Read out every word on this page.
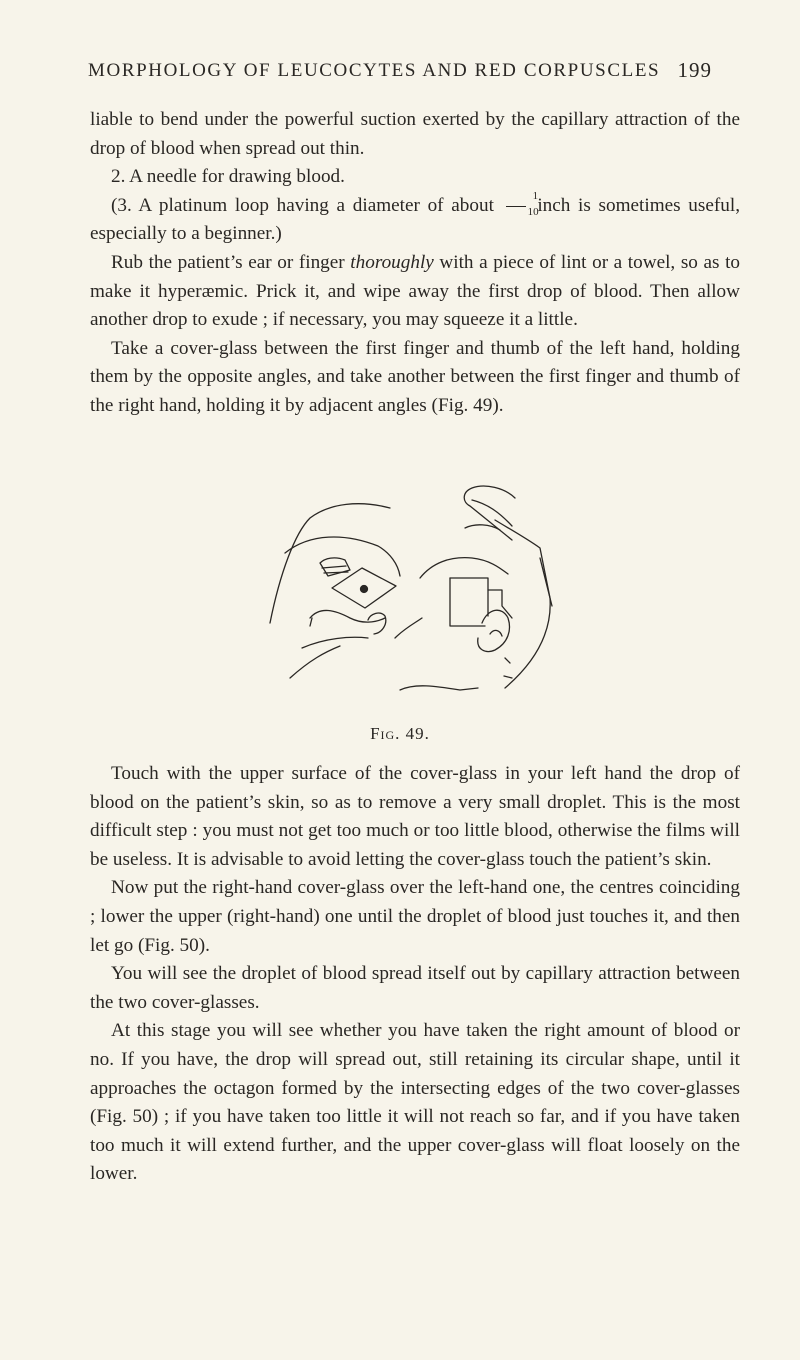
MORPHOLOGY OF LEUCOCYTES AND RED CORPUSCLES 199

liable to bend under the powerful suction exerted by the capillary attraction of the drop of blood when spread out thin.

2. A needle for drawing blood.

(3. A platinum loop having a diameter of about $\frac{1}{10}$ inch is sometimes useful, especially to a beginner.)

Rub the patient’s ear or finger thoroughly with a piece of lint or a towel, so as to make it hyperæmic. Prick it, and wipe away the first drop of blood. Then allow another drop to exude ; if necessary, you may squeeze it a little.

Take a cover-glass between the first finger and thumb of the left hand, holding them by the opposite angles, and take another between the first finger and thumb of the right hand, holding it by adjacent angles (Fig. 49).

Fig. 49.

Touch with the upper surface of the cover-glass in your left hand the drop of blood on the patient’s skin, so as to remove a very small droplet. This is the most difficult step : you must not get too much or too little blood, otherwise the films will be useless. It is advisable to avoid letting the cover-glass touch the patient’s skin.

Now put the right-hand cover-glass over the left-hand one, the centres coinciding ; lower the upper (right-hand) one until the droplet of blood just touches it, and then let go (Fig. 50).

You will see the droplet of blood spread itself out by capillary attraction between the two cover-glasses.

At this stage you will see whether you have taken the right amount of blood or no. If you have, the drop will spread out, still retaining its circular shape, until it approaches the octagon formed by the intersecting edges of the two cover-glasses (Fig. 50) ; if you have taken too little it will not reach so far, and if you have taken too much it will extend further, and the upper cover-glass will float loosely on the lower.
